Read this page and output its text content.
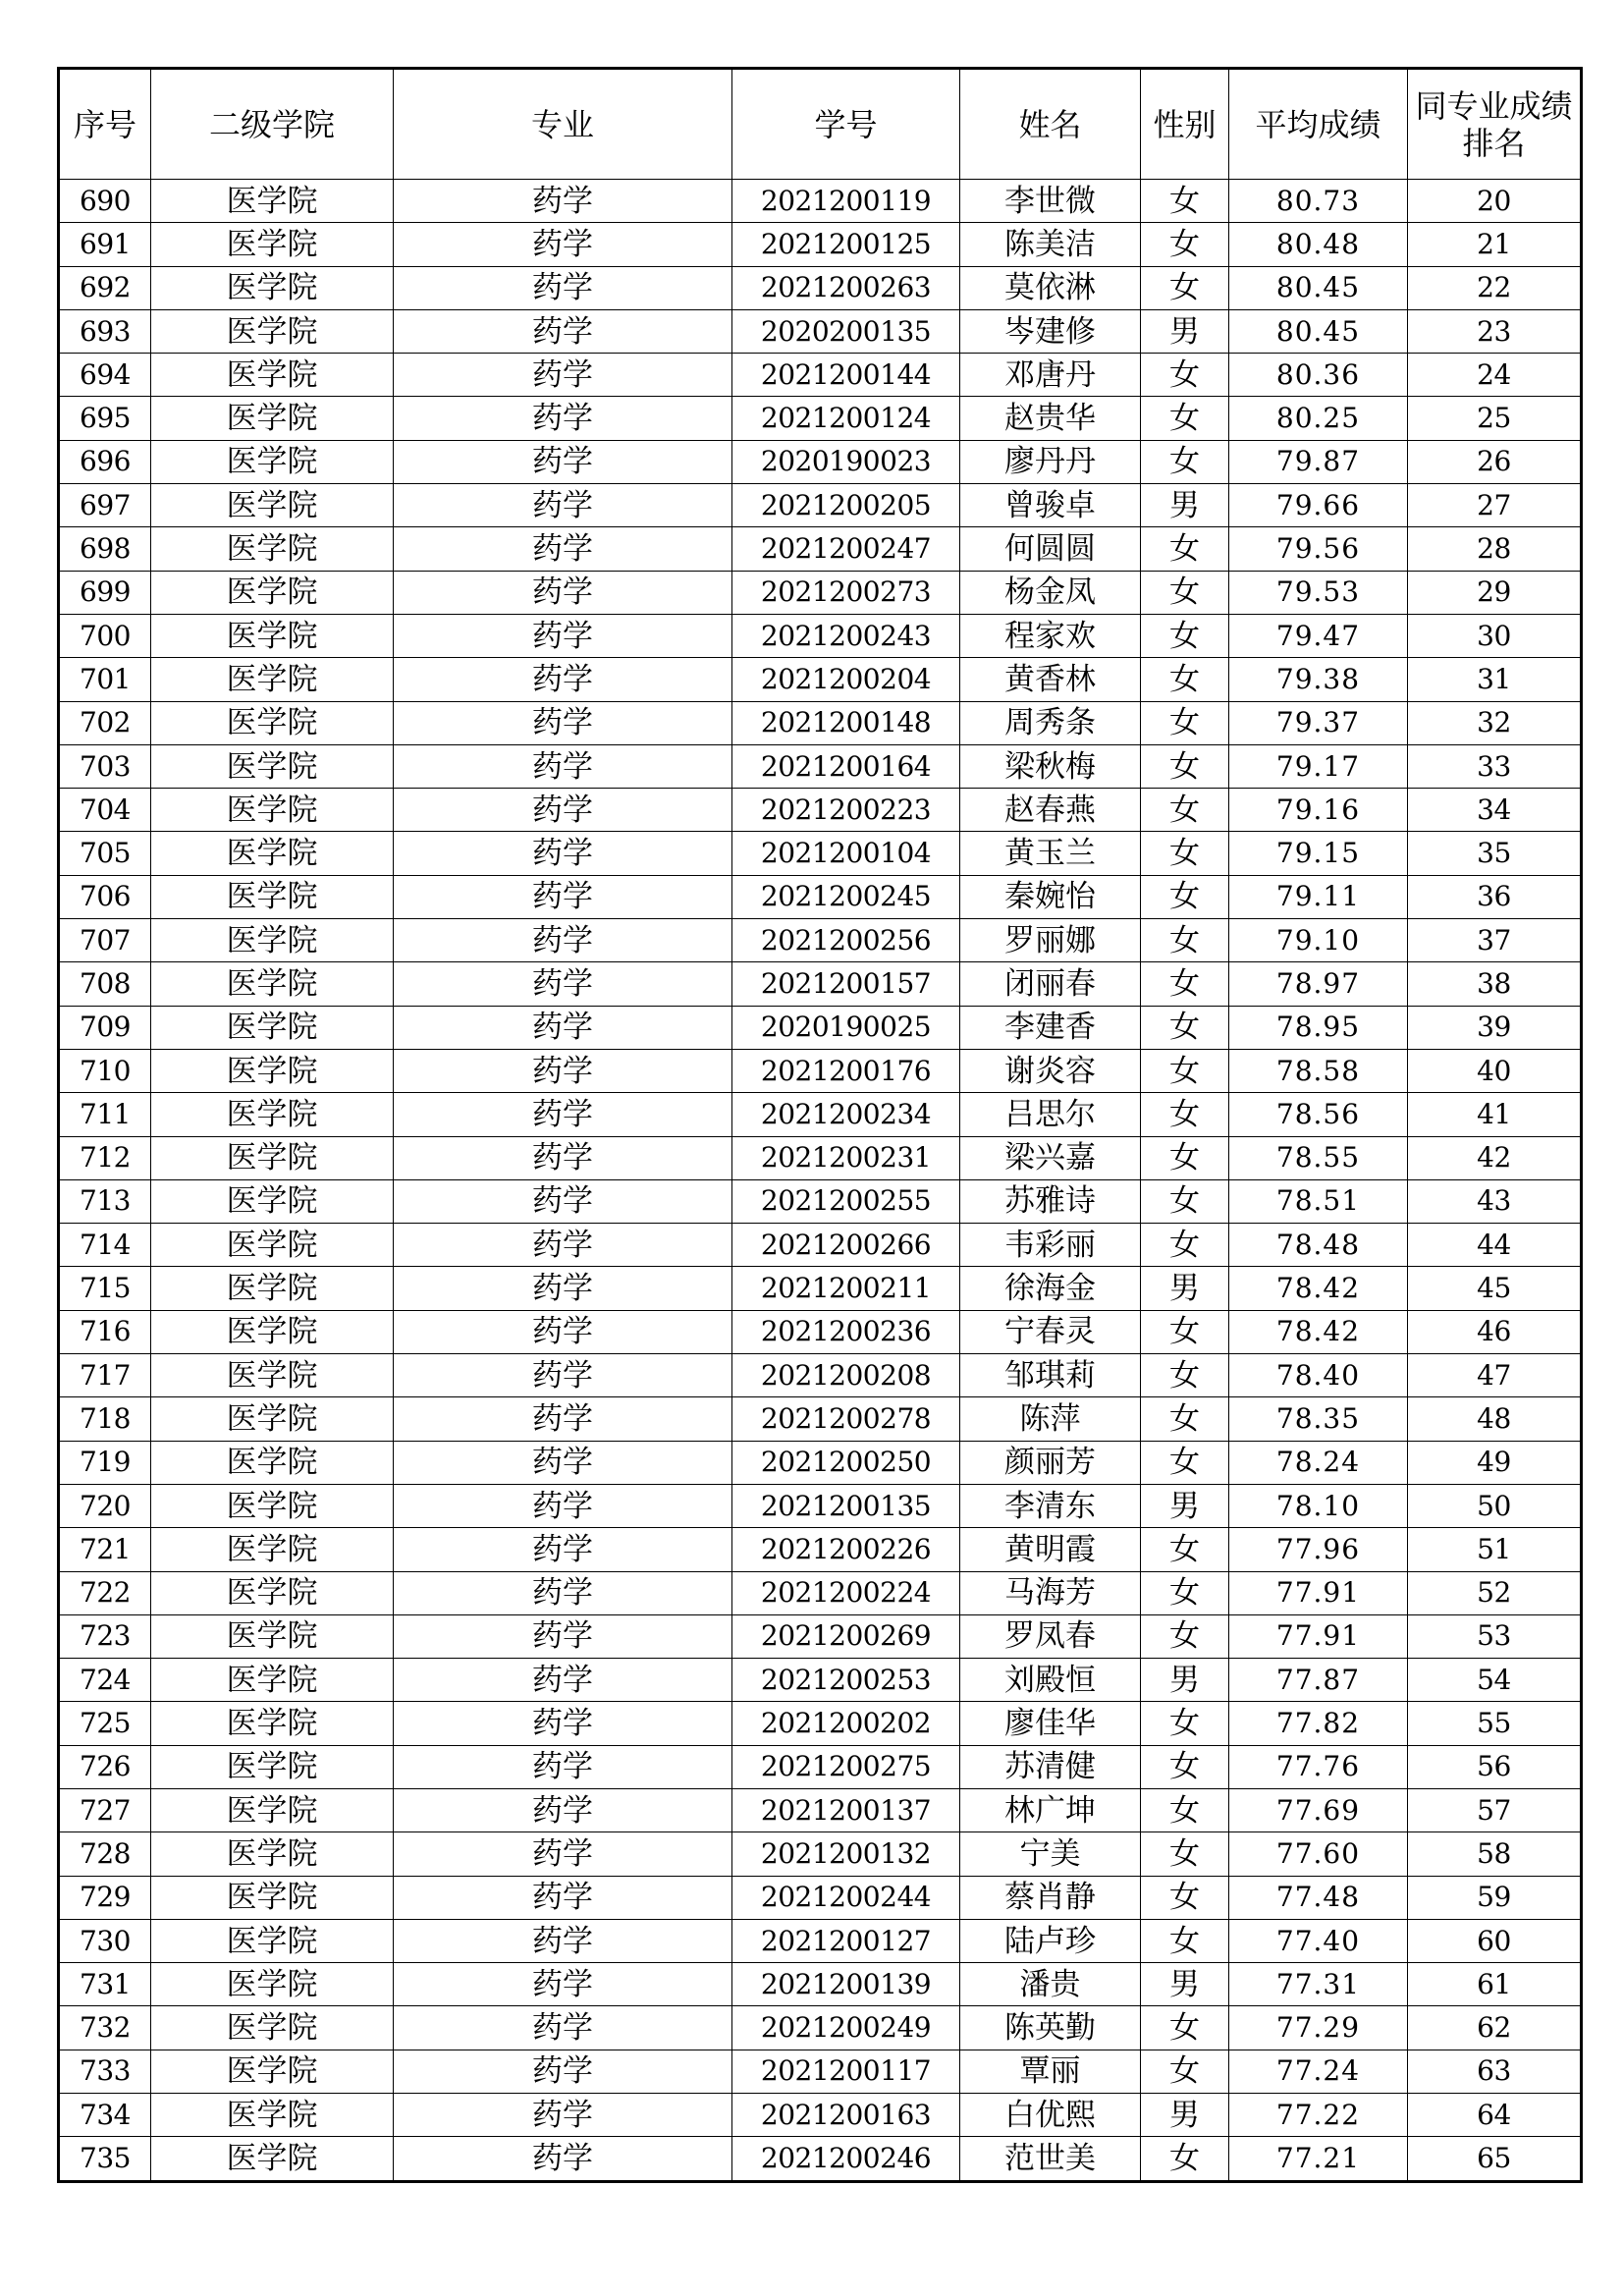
序号	二级学院	专业	学号	姓名	性别	平均成绩	同专业成绩排名
690	医学院	药学	2021200119	李世微	女	80.73	20
691	医学院	药学	2021200125	陈美洁	女	80.48	21
692	医学院	药学	2021200263	莫依淋	女	80.45	22
693	医学院	药学	2020200135	岑建修	男	80.45	23
694	医学院	药学	2021200144	邓唐丹	女	80.36	24
695	医学院	药学	2021200124	赵贵华	女	80.25	25
696	医学院	药学	2020190023	廖丹丹	女	79.87	26
697	医学院	药学	2021200205	曾骏卓	男	79.66	27
698	医学院	药学	2021200247	何圆圆	女	79.56	28
699	医学院	药学	2021200273	杨金凤	女	79.53	29
700	医学院	药学	2021200243	程家欢	女	79.47	30
701	医学院	药学	2021200204	黄香林	女	79.38	31
702	医学院	药学	2021200148	周秀条	女	79.37	32
703	医学院	药学	2021200164	梁秋梅	女	79.17	33
704	医学院	药学	2021200223	赵春燕	女	79.16	34
705	医学院	药学	2021200104	黄玉兰	女	79.15	35
706	医学院	药学	2021200245	秦婉怡	女	79.11	36
707	医学院	药学	2021200256	罗丽娜	女	79.10	37
708	医学院	药学	2021200157	闭丽春	女	78.97	38
709	医学院	药学	2020190025	李建香	女	78.95	39
710	医学院	药学	2021200176	谢炎容	女	78.58	40
711	医学院	药学	2021200234	吕思尔	女	78.56	41
712	医学院	药学	2021200231	梁兴嘉	女	78.55	42
713	医学院	药学	2021200255	苏雅诗	女	78.51	43
714	医学院	药学	2021200266	韦彩丽	女	78.48	44
715	医学院	药学	2021200211	徐海金	男	78.42	45
716	医学院	药学	2021200236	宁春灵	女	78.42	46
717	医学院	药学	2021200208	邹琪莉	女	78.40	47
718	医学院	药学	2021200278	陈萍	女	78.35	48
719	医学院	药学	2021200250	颜丽芳	女	78.24	49
720	医学院	药学	2021200135	李清东	男	78.10	50
721	医学院	药学	2021200226	黄明霞	女	77.96	51
722	医学院	药学	2021200224	马海芳	女	77.91	52
723	医学院	药学	2021200269	罗凤春	女	77.91	53
724	医学院	药学	2021200253	刘殿恒	男	77.87	54
725	医学院	药学	2021200202	廖佳华	女	77.82	55
726	医学院	药学	2021200275	苏清健	女	77.76	56
727	医学院	药学	2021200137	林广坤	女	77.69	57
728	医学院	药学	2021200132	宁美	女	77.60	58
729	医学院	药学	2021200244	蔡肖静	女	77.48	59
730	医学院	药学	2021200127	陆卢珍	女	77.40	60
731	医学院	药学	2021200139	潘贵	男	77.31	61
732	医学院	药学	2021200249	陈英勤	女	77.29	62
733	医学院	药学	2021200117	覃丽	女	77.24	63
734	医学院	药学	2021200163	白优熙	男	77.22	64
735	医学院	药学	2021200246	范世美	女	77.21	65
